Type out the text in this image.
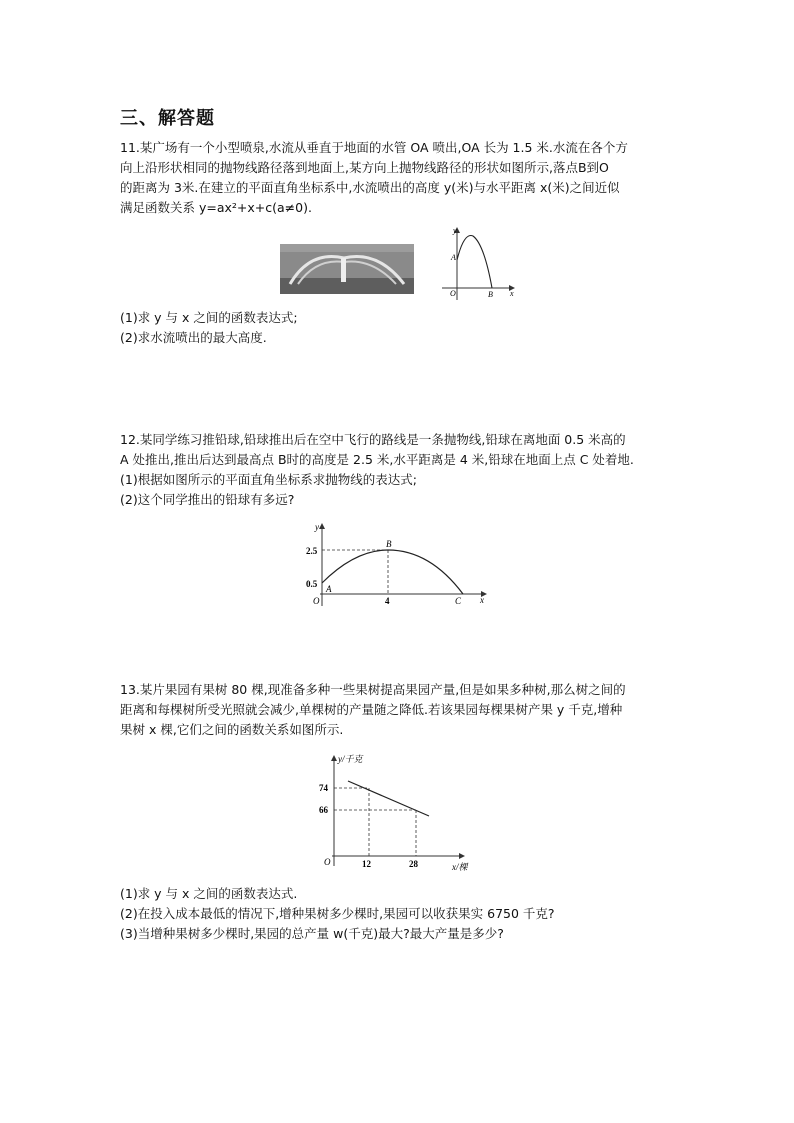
三、解答题
11.某广场有一个小型喷泉,水流从垂直于地面的水管 OA 喷出,OA 长为 1.5 米.水流在各个方
向上沿形状相同的抛物线路径落到地面上,某方向上抛物线路径的形状如图所示,落点B到O
的距离为 3米.在建立的平面直角坐标系中,水流喷出的高度 y(米)与水平距离 x(米)之间近似
满足函数关系 y=ax²+x+c(a≠0).
y
x
O
A
B
(1)求 y 与 x 之间的函数表达式;
(2)求水流喷出的最大高度.
12.某同学练习推铅球,铅球推出后在空中飞行的路线是一条抛物线,铅球在离地面 0.5 米高的
A 处推出,推出后达到最高点 B时的高度是 2.5 米,水平距离是 4 米,铅球在地面上点 C 处着地.
(1)根据如图所示的平面直角坐标系求抛物线的表达式;
(2)这个同学推出的铅球有多远?
y
x
O
2.5
0.5
4
A
B
C
13.某片果园有果树 80 棵,现准备多种一些果树提高果园产量,但是如果多种树,那么树之间的
距离和每棵树所受光照就会减少,单棵树的产量随之降低.若该果园每棵果树产果 y 千克,增种
果树 x 棵,它们之间的函数关系如图所示.
y/千克
x/棵
O
74
66
12	28
(1)求 y 与 x 之间的函数表达式.
(2)在投入成本最低的情况下,增种果树多少棵时,果园可以收获果实 6750 千克?
(3)当增种果树多少棵时,果园的总产量 w(千克)最大?最大产量是多少?
